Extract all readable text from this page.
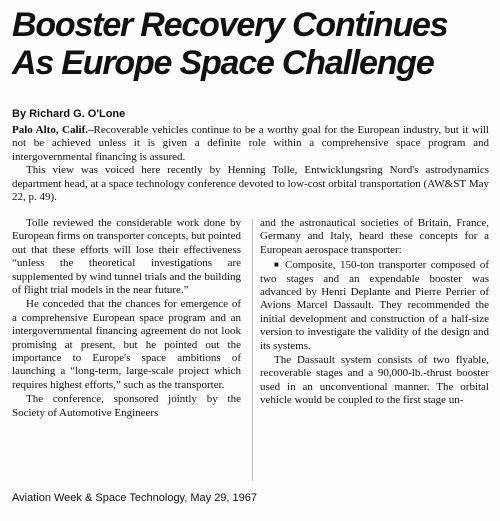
Booster Recovery Continues
As Europe Space Challenge

By Richard G. O'Lone

Palo Alto, Calif.–Recoverable vehicles continue to be a worthy goal for the European industry, but it will not be achieved unless it is given a definite role within a comprehensive space program and intergovernmental financing is assured.

This view was voiced here recently by Henning Tolle, Entwicklungsring Nord's astrodynamics department head, at a space technology conference devoted to low-cost orbital transportation (AW&ST May 22, p. 49).

Tolle reviewed the considerable work done by European firms on transporter concepts, but pointed out that these efforts will lose their effectiveness “unless the theoretical investigations are supplemented by wind tunnel trials and the building of flight trial models in the near future.”

He conceded that the chances for emergence of a comprehensive European space program and an intergovernmental financing agreement do not look promising at present, but he pointed out the importance to Europe's space ambitions of launching a “long-term, large-scale project which requires highest efforts,” such as the transporter.

The conference, sponsored jointly by the Society of Automotive Engineers

and the astronautical societies of Britain, France, Germany and Italy, heard these concepts for a European aerospace transporter:

■ Composite, 150-ton transporter composed of two stages and an expendable booster was advanced by Henri Deplante and Pierre Perrier of Avions Marcel Dassault. They recommended the initial development and construction of a half-size version to investigate the validity of the design and its systems.

The Dassault system consists of two flyable, recoverable stages and a 90,000-lb.-thrust booster used in an unconventional manner. The orbital vehicle would be coupled to the first stage un-

Aviation Week & Space Technology, May 29, 1967
